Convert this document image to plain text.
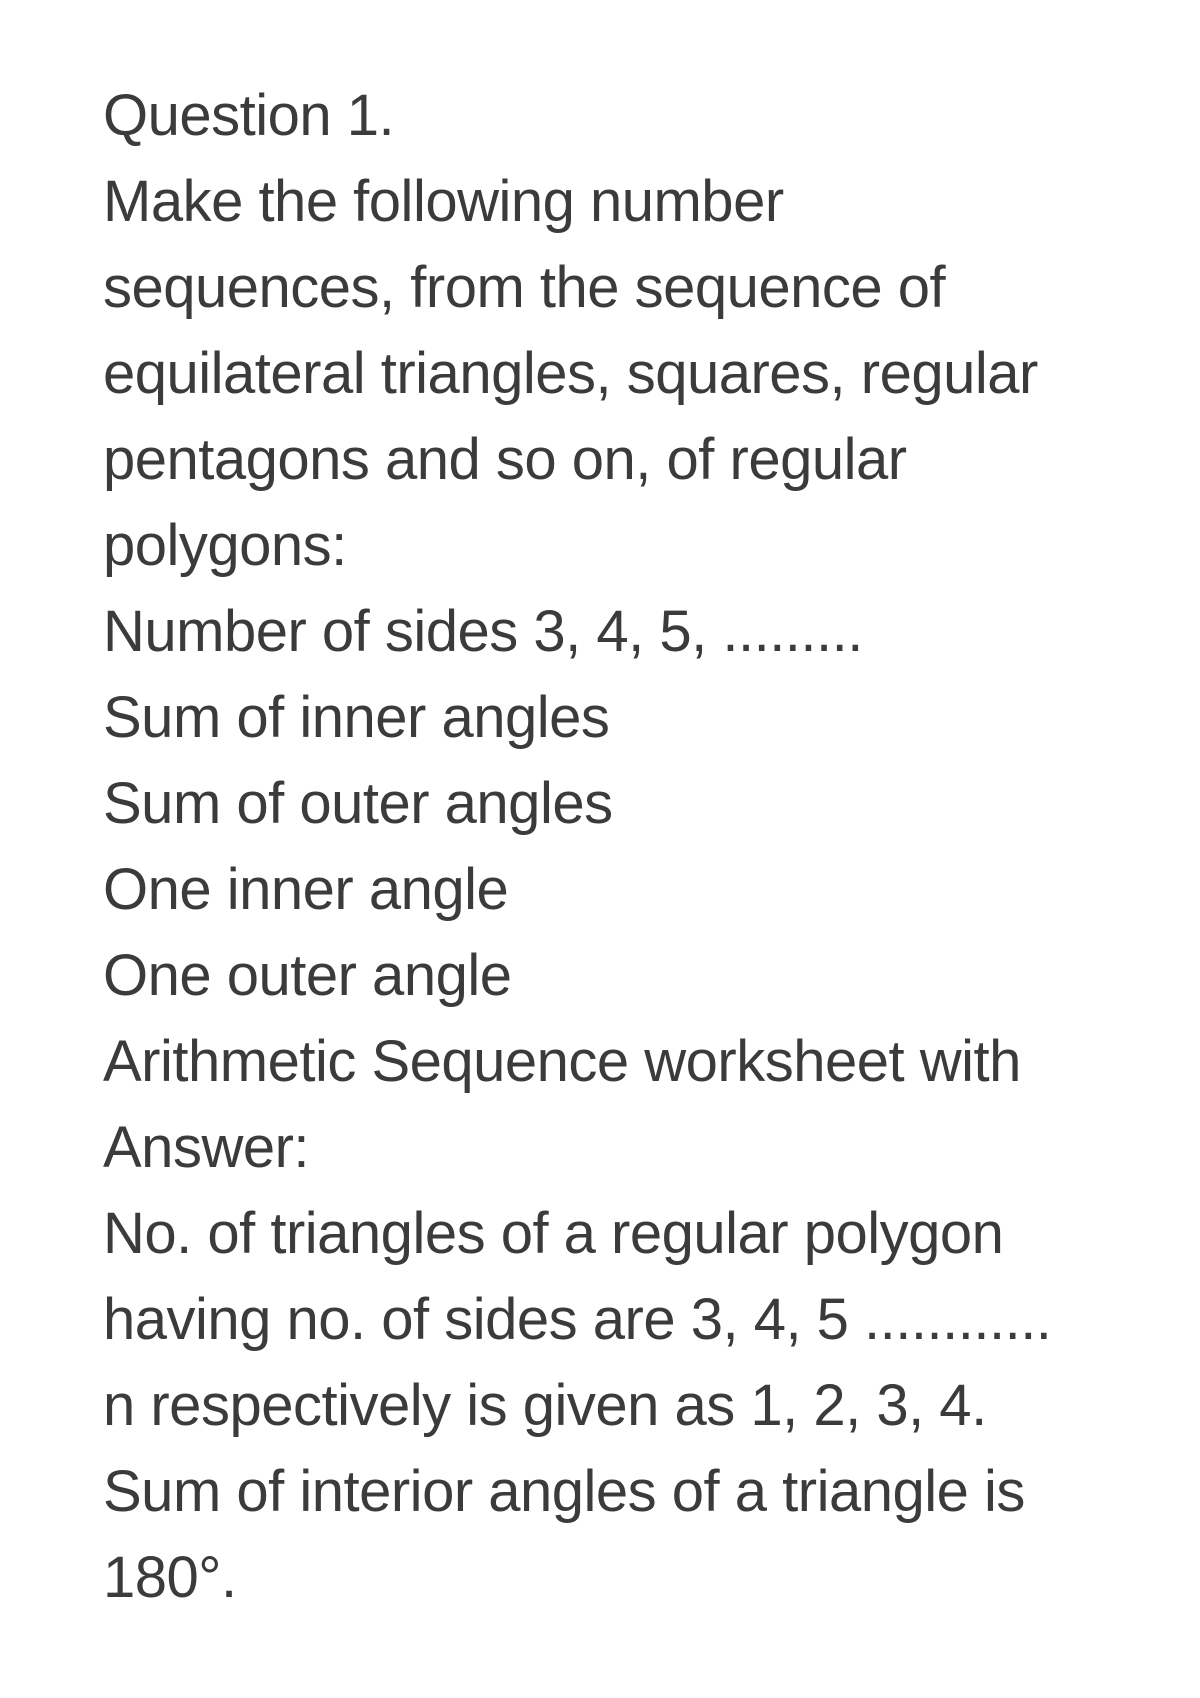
Question 1.

Make the following number

sequences, from the sequence of

equilateral triangles, squares, regular

pentagons and so on, of regular

polygons:

Number of sides 3, 4, 5, .........

Sum of inner angles

Sum of outer angles

One inner angle

One outer angle

Arithmetic Sequence worksheet with

Answer:

No. of triangles of a regular polygon

having no. of sides are 3, 4, 5 ............

n respectively is given as 1, 2, 3, 4.

Sum of interior angles of a triangle is

180°.
